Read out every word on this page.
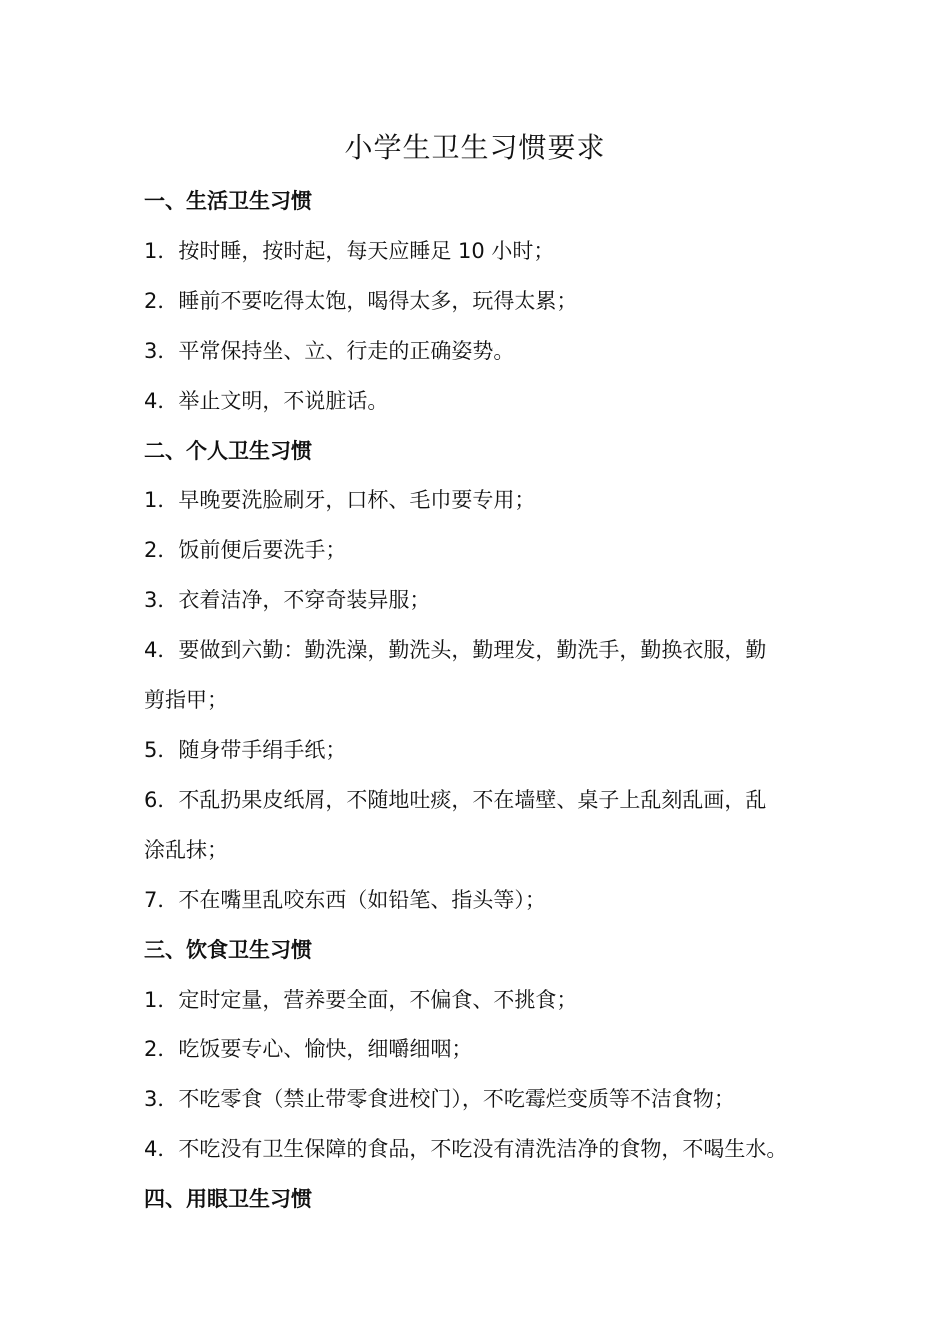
小学生卫生习惯要求

一、生活卫生习惯

1．按时睡，按时起，每天应睡足 10 小时；

2．睡前不要吃得太饱，喝得太多，玩得太累；

3．平常保持坐、立、行走的正确姿势。

4．举止文明，不说脏话。

二、个人卫生习惯

1．早晚要洗脸刷牙，口杯、毛巾要专用；

2．饭前便后要洗手；

3．衣着洁净，不穿奇装异服；

4．要做到六勤：勤洗澡，勤洗头，勤理发，勤洗手，勤换衣服，勤

剪指甲；

5．随身带手绢手纸；

6．不乱扔果皮纸屑，不随地吐痰，不在墙壁、桌子上乱刻乱画，乱

涂乱抹；

7．不在嘴里乱咬东西（如铅笔、指头等）；

三、饮食卫生习惯

1．定时定量，营养要全面，不偏食、不挑食；

2．吃饭要专心、愉快，细嚼细咽；

3．不吃零食（禁止带零食进校门），不吃霉烂变质等不洁食物；

4．不吃没有卫生保障的食品，不吃没有清洗洁净的食物，不喝生水。

四、用眼卫生习惯
